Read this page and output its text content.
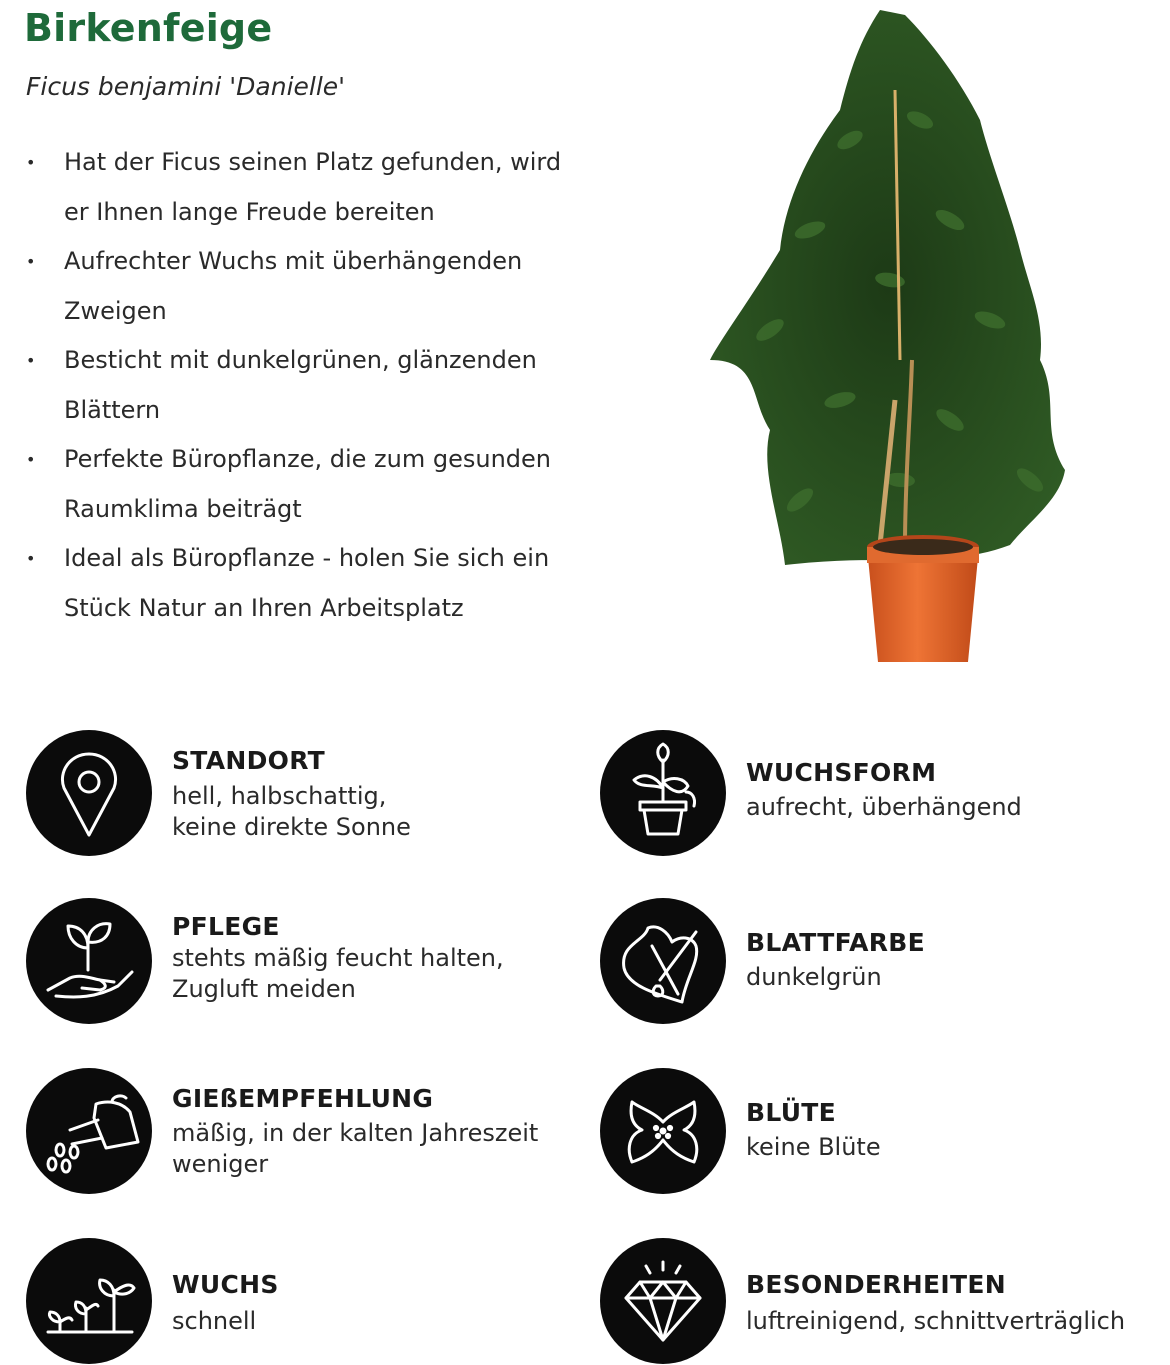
Birkenfeige
Ficus benjamini 'Danielle'
• Hat der Ficus seinen Platz gefunden, wird er Ihnen lange Freude bereiten
• Aufrechter Wuchs mit überhängenden Zweigen
• Besticht mit dunkelgrünen, glänzenden Blättern
• Perfekte Büropflanze, die zum gesunden Raumklima beiträgt
• Ideal als Büropflanze - holen Sie sich ein Stück Natur an Ihren Arbeitsplatz
STANDORT
hell, halbschattig,
keine direkte Sonne
PFLEGE
stehts mäßig feucht halten,
Zugluft meiden
GIEßEMPFEHLUNG
mäßig, in der kalten Jahreszeit
weniger
WUCHS
schnell
WUCHSFORM
aufrecht, überhängend
BLATTFARBE
dunkelgrün
BLÜTE
keine Blüte
BESONDERHEITEN
luftreinigend, schnittverträglich
